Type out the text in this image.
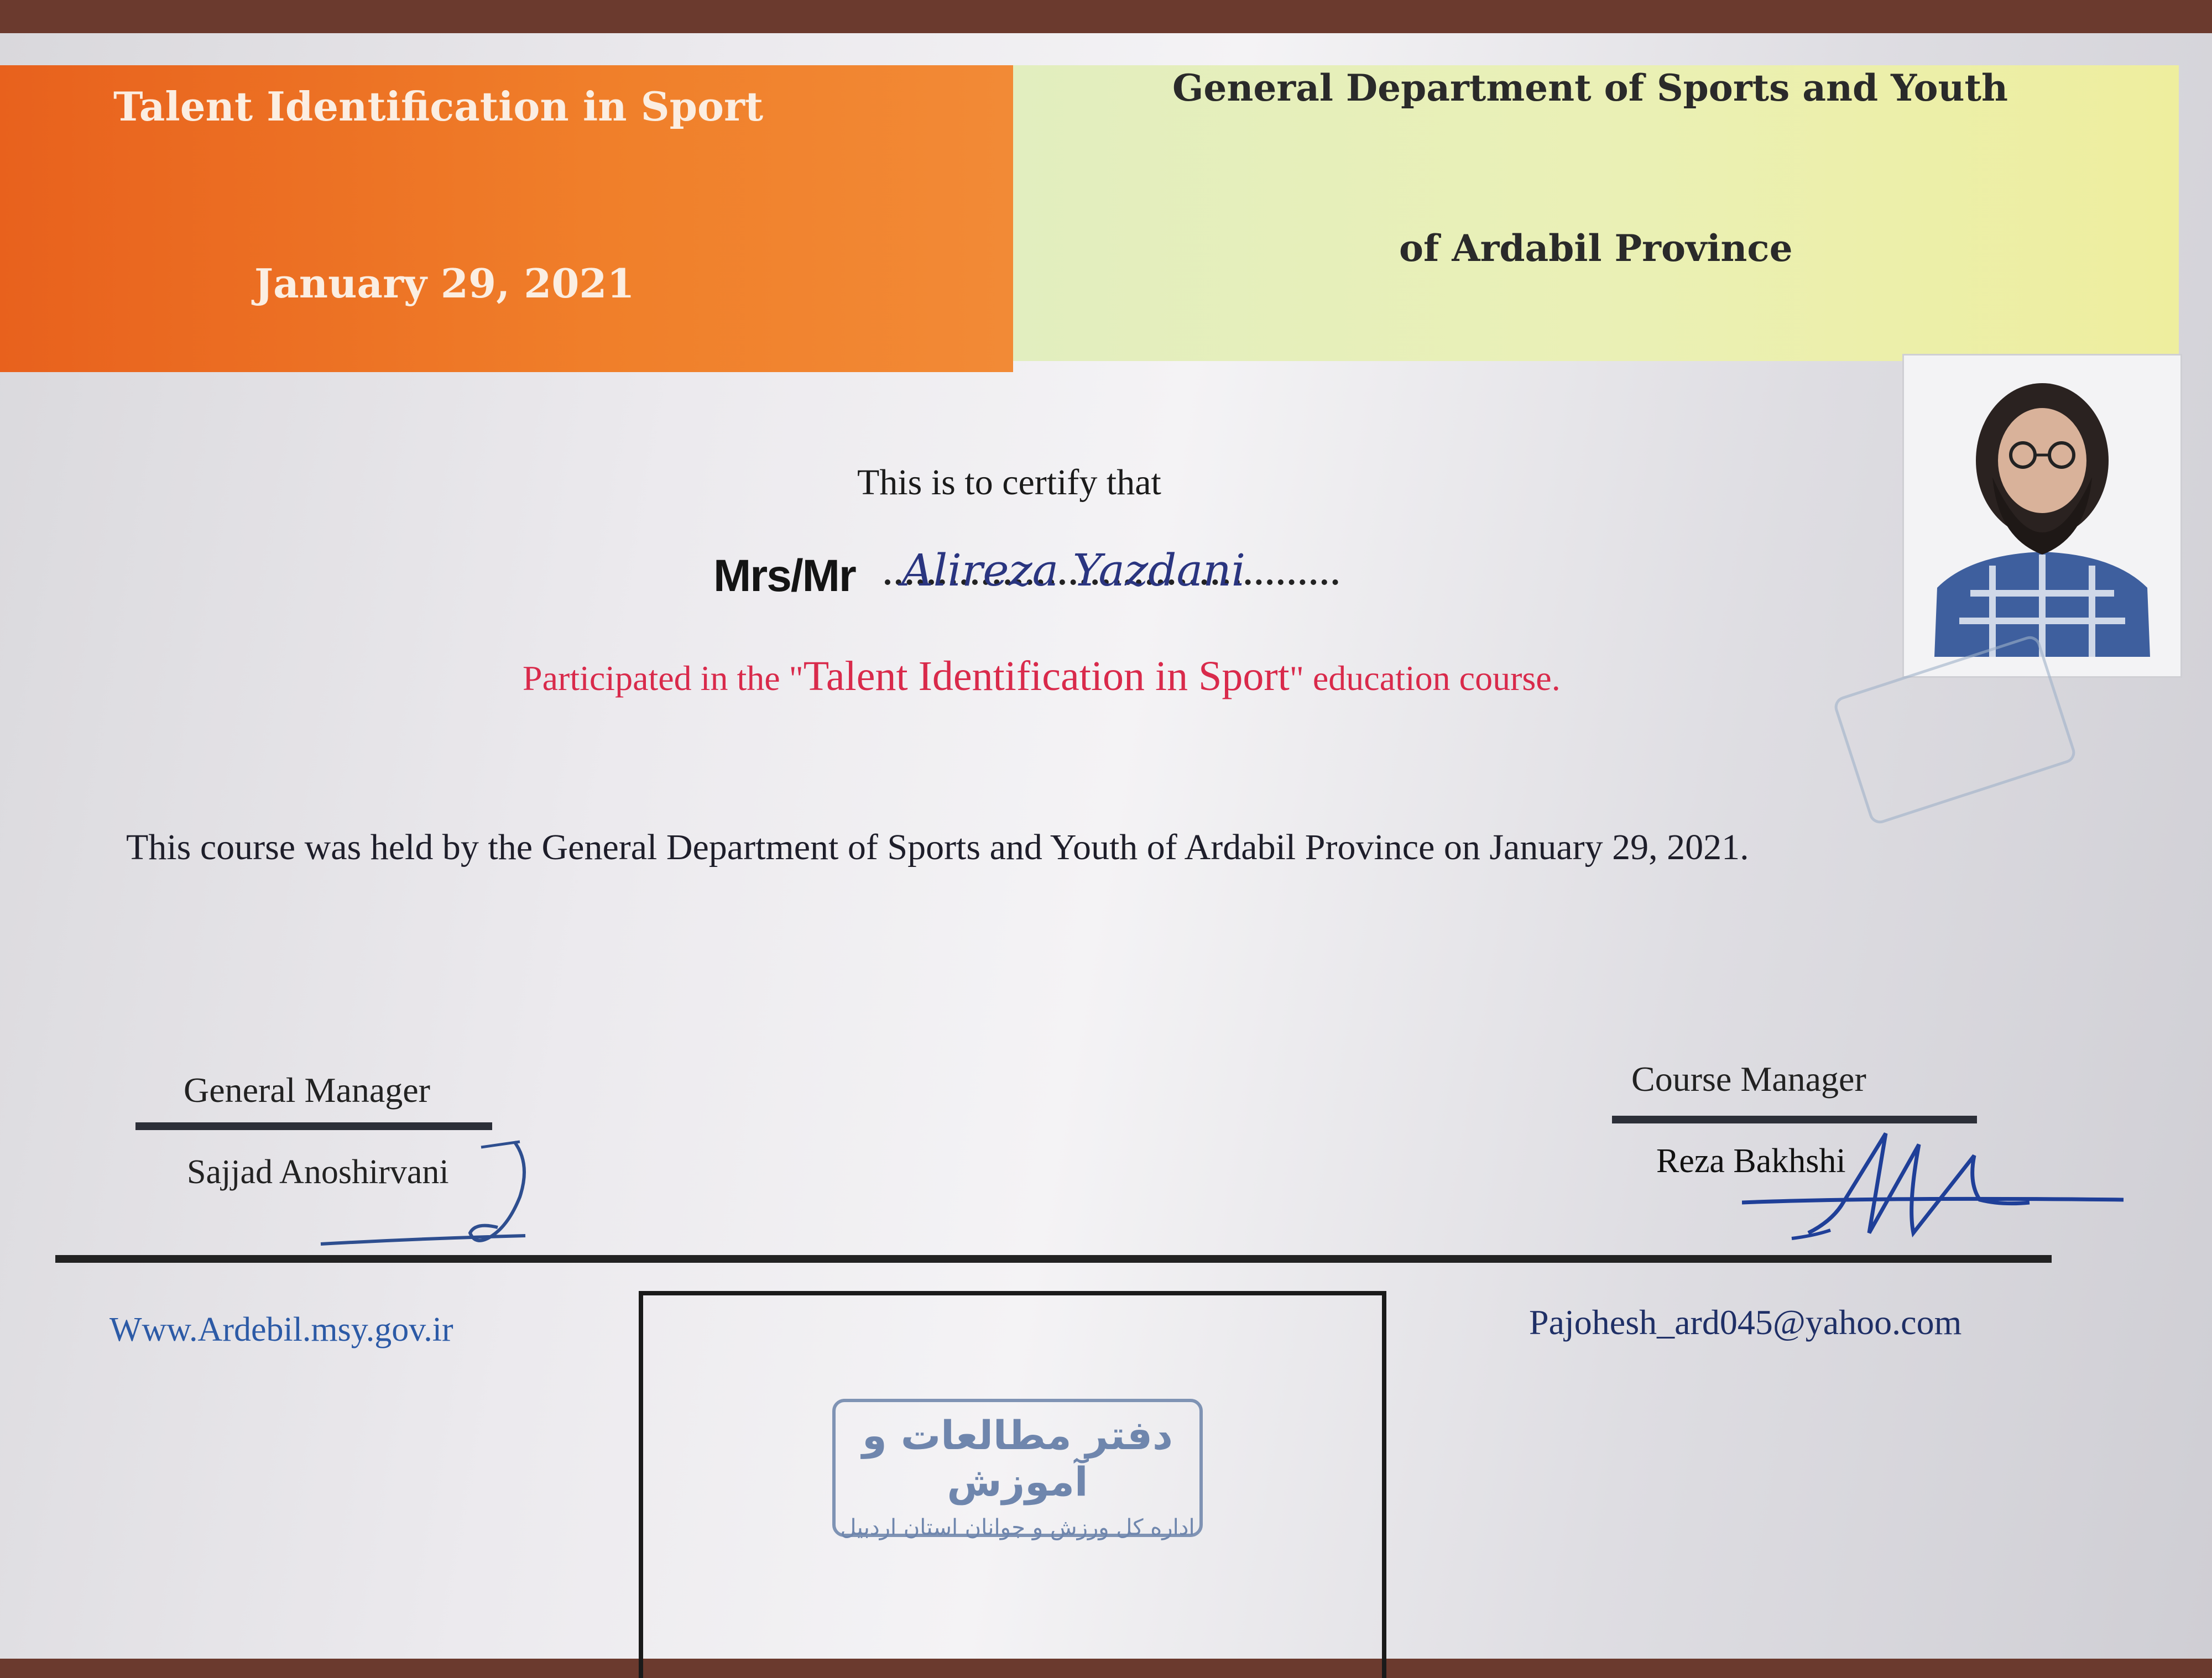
Talent Identification in Sport
January 29, 2021
General Department of Sports and Youth
of Ardabil Province
This is to certify that
Mrs/Mr Alireza Yazdani
Participated in the "Talent Identification in Sport" education course.
This course was held by the General Department of Sports and Youth of Ardabil Province on January 29, 2021.
General Manager
Sajjad Anoshirvani
Course Manager
Reza Bakhshi
Www.Ardebil.msy.gov.ir	Pajohesh_ard045@yahoo.com
دفتر مطالعات و آموزش
اداره کل ورزش و جوانان استان اردبیل
